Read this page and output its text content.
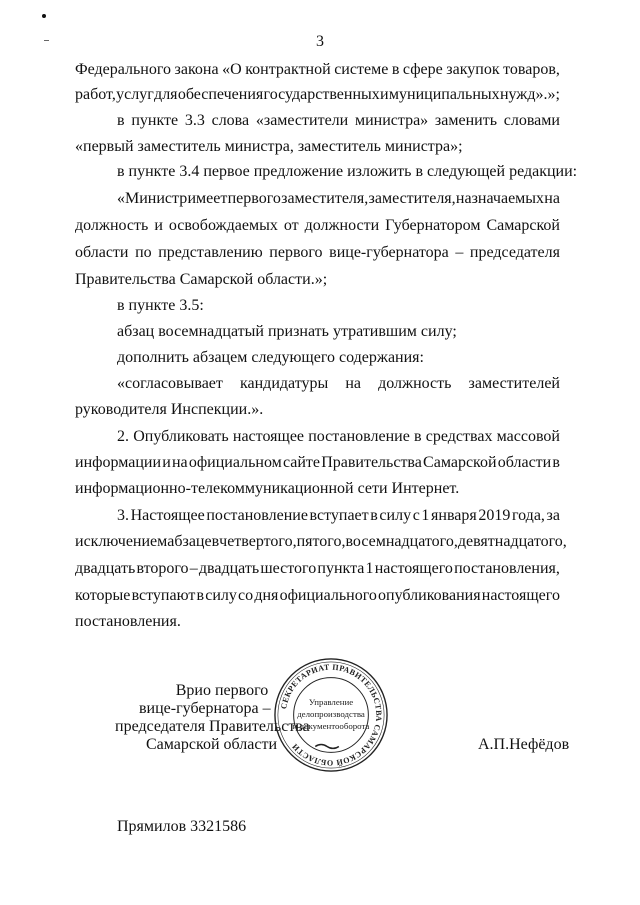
3
Федерального закона «О контрактной системе в сфере закупок товаров,
работ, услуг для обеспечения государственных и муниципальных нужд».»;
в пункте 3.3 слова «заместители министра» заменить словами
«первый заместитель министра, заместитель министра»;
в пункте 3.4 первое предложение изложить в следующей редакции:
«Министр имеет первого заместителя, заместителя, назначаемых на
должность и освобождаемых от должности Губернатором Самарской
области по представлению первого вице-губернатора – председателя
Правительства Самарской области.»;
в пункте 3.5:
абзац восемнадцатый признать утратившим силу;
дополнить абзацем следующего содержания:
«согласовывает кандидатуры на должность заместителей
руководителя Инспекции.».
2. Опубликовать настоящее постановление в средствах массовой
информации и на официальном сайте Правительства Самарской области в
информационно-телекоммуникационной сети Интернет.
3. Настоящее постановление вступает в силу с 1 января 2019 года, за
исключением абзацев четвертого, пятого, восемнадцатого, девятнадцатого,
двадцать второго – двадцать шестого пункта 1 настоящего постановления,
которые вступают в силу со дня официального опубликования настоящего
постановления.
Врио первого
вице-губернатора –
председателя Правительства
Самарской области
СЕКРЕТАРИАТ ПРАВИТЕЛЬСТВА САМАРСКОЙ ОБЛАСТИ
Управление
делопроизводства
и документооборота
А.П.Нефёдов
Прямилов 3321586
